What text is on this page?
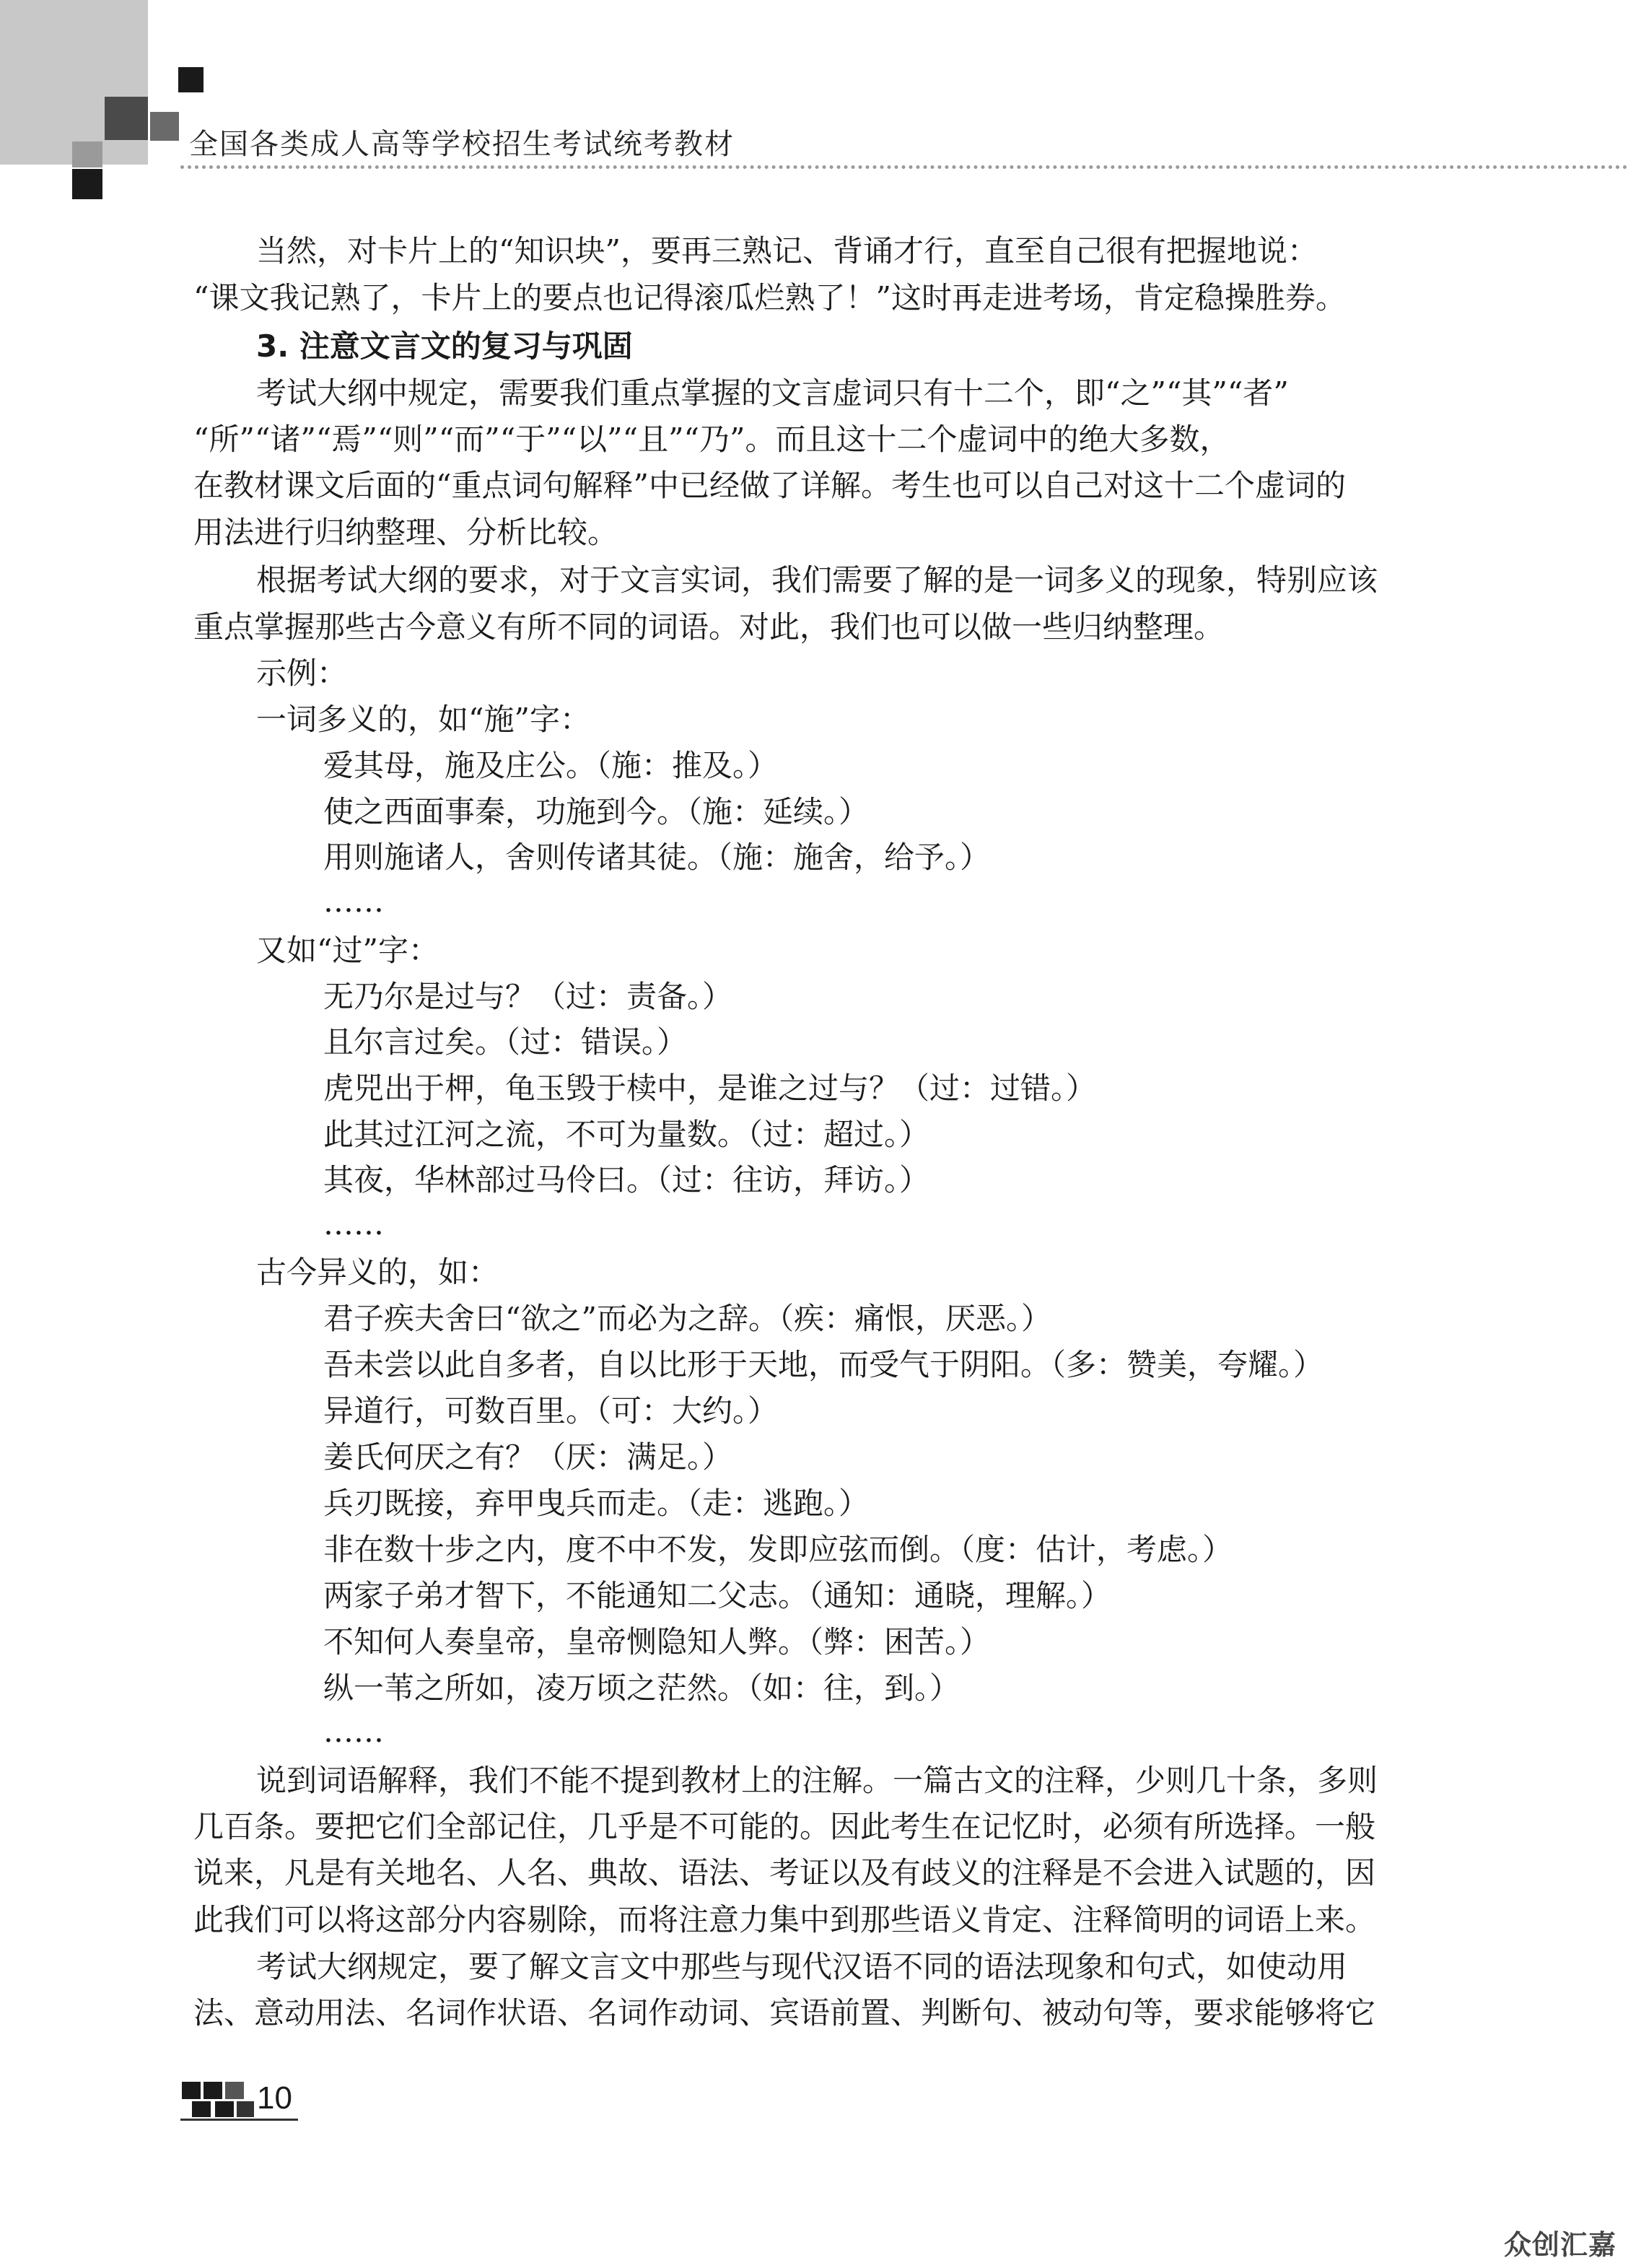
全国各类成人高等学校招生考试统考教材
当然，对卡片上的“知识块”，要再三熟记、背诵才行，直至自己很有把握地说：
“课文我记熟了，卡片上的要点也记得滚瓜烂熟了！”这时再走进考场，肯定稳操胜券。
3. 注意文言文的复习与巩固
考试大纲中规定，需要我们重点掌握的文言虚词只有十二个，即“之”“其”“者”
“所”“诸”“焉”“则”“而”“于”“以”“且”“乃”。而且这十二个虚词中的绝大多数，
在教材课文后面的“重点词句解释”中已经做了详解。考生也可以自己对这十二个虚词的
用法进行归纳整理、分析比较。
根据考试大纲的要求，对于文言实词，我们需要了解的是一词多义的现象，特别应该
重点掌握那些古今意义有所不同的词语。对此，我们也可以做一些归纳整理。
示例：
一词多义的，如“施”字：
爱其母，施及庄公。（施：推及。）
使之西面事秦，功施到今。（施：延续。）
用则施诸人，舍则传诸其徒。（施：施舍，给予。）
……
又如“过”字：
无乃尔是过与？（过：责备。）
且尔言过矣。（过：错误。）
虎兕出于柙，龟玉毁于椟中，是谁之过与？（过：过错。）
此其过江河之流，不可为量数。（过：超过。）
其夜，华林部过马伶曰。（过：往访，拜访。）
……
古今异义的，如：
君子疾夫舍曰“欲之”而必为之辞。（疾：痛恨，厌恶。）
吾未尝以此自多者，自以比形于天地，而受气于阴阳。（多：赞美，夸耀。）
异道行，可数百里。（可：大约。）
姜氏何厌之有？（厌：满足。）
兵刃既接，弃甲曳兵而走。（走：逃跑。）
非在数十步之内，度不中不发，发即应弦而倒。（度：估计，考虑。）
两家子弟才智下，不能通知二父志。（通知：通晓，理解。）
不知何人奏皇帝，皇帝恻隐知人弊。（弊：困苦。）
纵一苇之所如，凌万顷之茫然。（如：往，到。）
……
说到词语解释，我们不能不提到教材上的注解。一篇古文的注释，少则几十条，多则
几百条。要把它们全部记住，几乎是不可能的。因此考生在记忆时，必须有所选择。一般
说来，凡是有关地名、人名、典故、语法、考证以及有歧义的注释是不会进入试题的，因
此我们可以将这部分内容剔除，而将注意力集中到那些语义肯定、注释简明的词语上来。
考试大纲规定，要了解文言文中那些与现代汉语不同的语法现象和句式，如使动用
法、意动用法、名词作状语、名词作动词、宾语前置、判断句、被动句等，要求能够将它
10
众创汇嘉
